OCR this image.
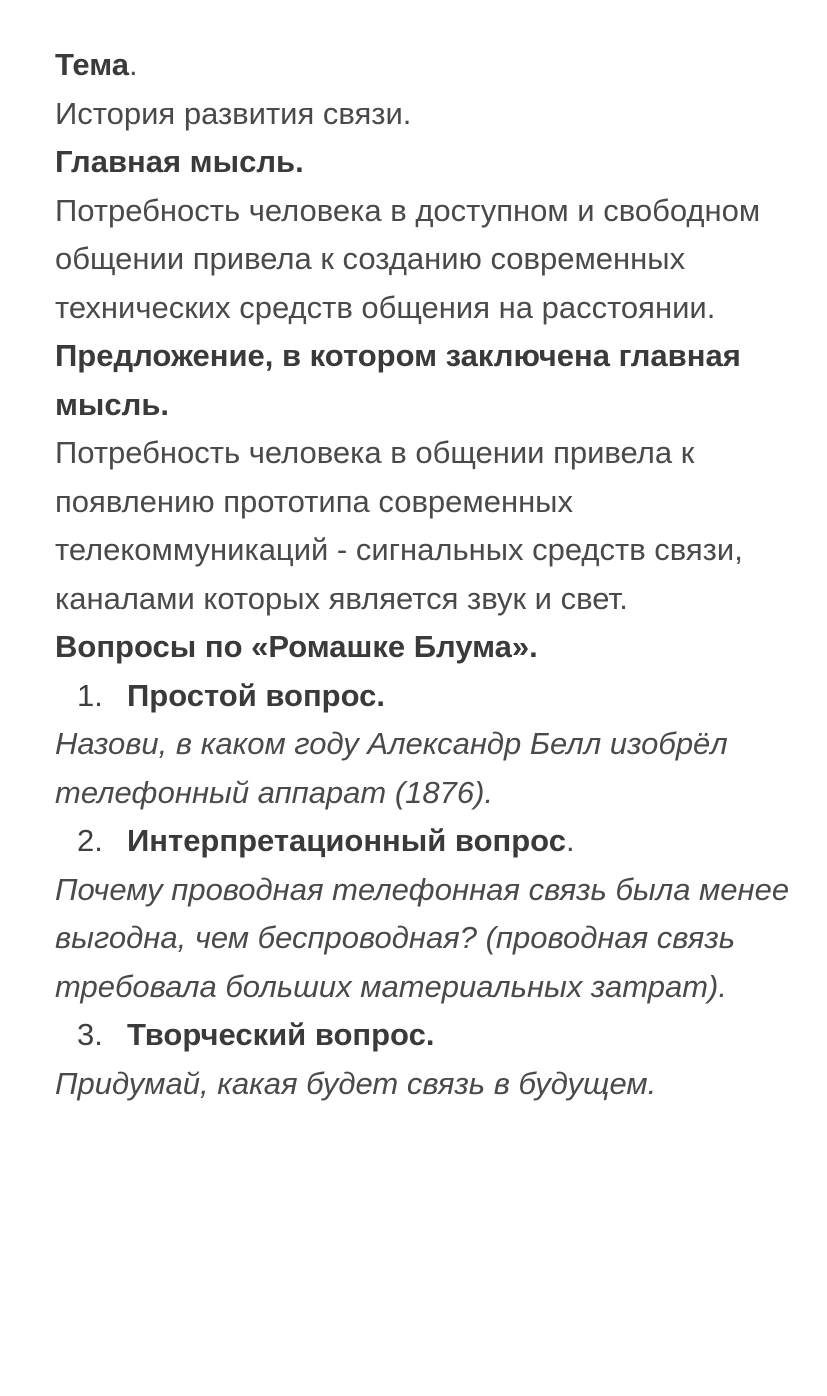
Тема.

История развития связи.

Главная мысль.

Потребность человека в доступном и свободном общении привела к созданию современных технических средств общения на расстоянии.

Предложение, в котором заключена главная мысль.

Потребность человека в общении привела к появлению прототипа современных телекоммуникаций - сигнальных средств связи, каналами которых является звук и свет.

Вопросы по «Ромашке Блума».

1. Простой вопрос.

Назови, в каком году Александр Белл изобрёл телефонный аппарат (1876).

2. Интерпретационный вопрос.

Почему проводная телефонная связь была менее выгодна, чем беспроводная? (проводная связь требовала больших материальных затрат).

3. Творческий вопрос.

Придумай, какая будет связь в будущем.
